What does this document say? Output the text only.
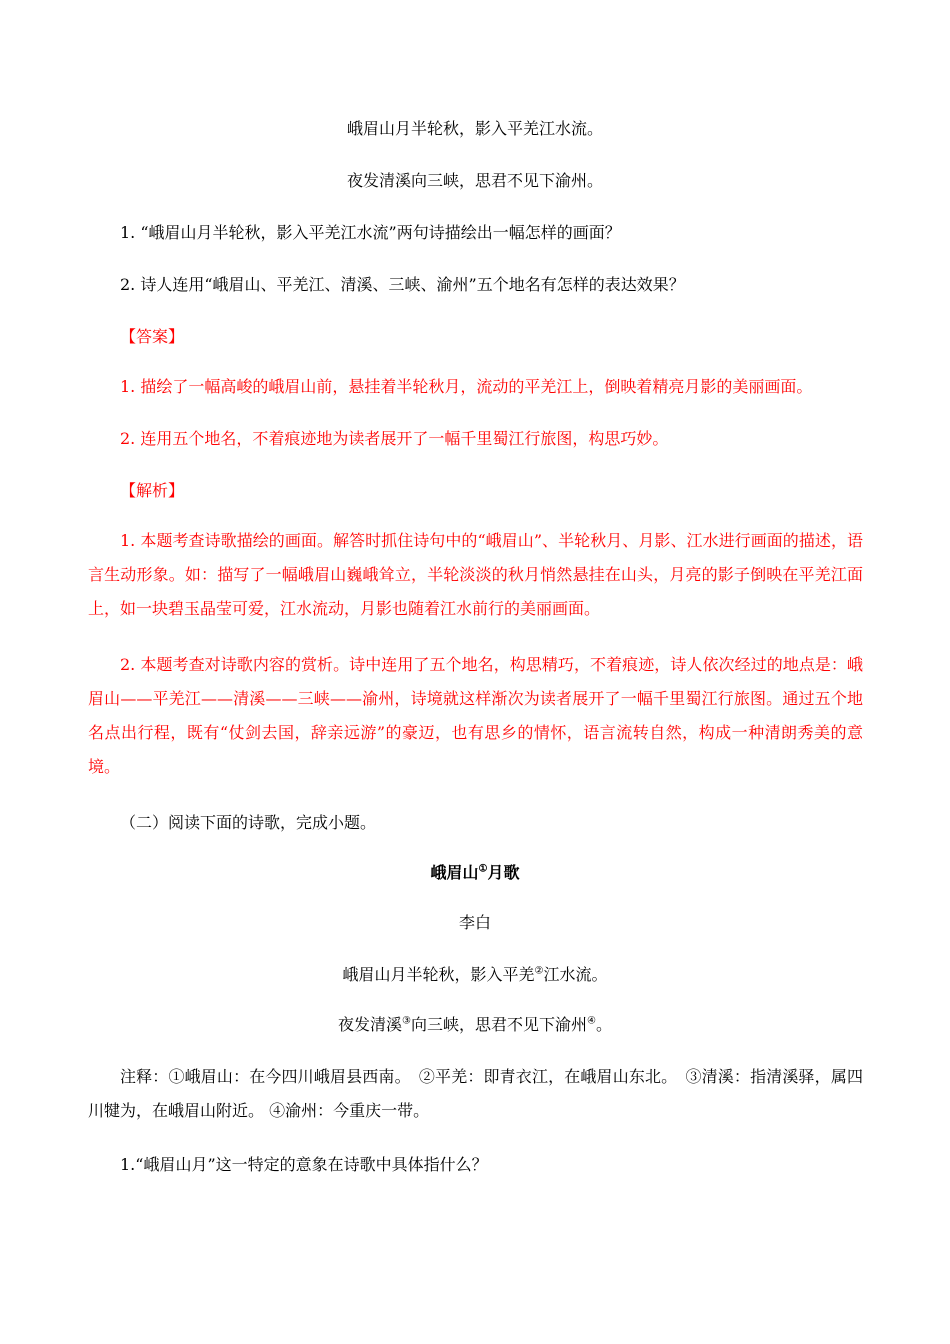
峨眉山月半轮秋，影入平羌江水流。
夜发清溪向三峡，思君不见下渝州。
1. “峨眉山月半轮秋，影入平羌江水流”两句诗描绘出一幅怎样的画面？
2. 诗人连用“峨眉山、平羌江、清溪、三峡、渝州”五个地名有怎样的表达效果？
【答案】
1. 描绘了一幅高峻的峨眉山前，悬挂着半轮秋月，流动的平羌江上，倒映着精亮月影的美丽画面。
2. 连用五个地名，不着痕迹地为读者展开了一幅千里蜀江行旅图，构思巧妙。
【解析】
1. 本题考查诗歌描绘的画面。解答时抓住诗句中的“峨眉山”、半轮秋月、月影、江水进行画面的描述，语言生动形象。如：描写了一幅峨眉山巍峨耸立，半轮淡淡的秋月悄然悬挂在山头，月亮的影子倒映在平羌江面上，如一块碧玉晶莹可爱，江水流动，月影也随着江水前行的美丽画面。
2. 本题考查对诗歌内容的赏析。诗中连用了五个地名，构思精巧，不着痕迹，诗人依次经过的地点是：峨眉山——平羌江——清溪——三峡——渝州，诗境就这样渐次为读者展开了一幅千里蜀江行旅图。通过五个地名点出行程，既有“仗剑去国，辞亲远游”的豪迈，也有思乡的情怀，语言流转自然，构成一种清朗秀美的意境。
（二）阅读下面的诗歌，完成小题。
峨眉山①月歌
李白
峨眉山月半轮秋，影入平羌②江水流。
夜发清溪③向三峡，思君不见下渝州④。
注释：①峨眉山：在今四川峨眉县西南。　②平羌：即青衣江，在峨眉山东北。　③清溪：指清溪驿，属四川犍为，在峨眉山附近。 ④渝州：今重庆一带。
1.“峨眉山月”这一特定的意象在诗歌中具体指什么？
